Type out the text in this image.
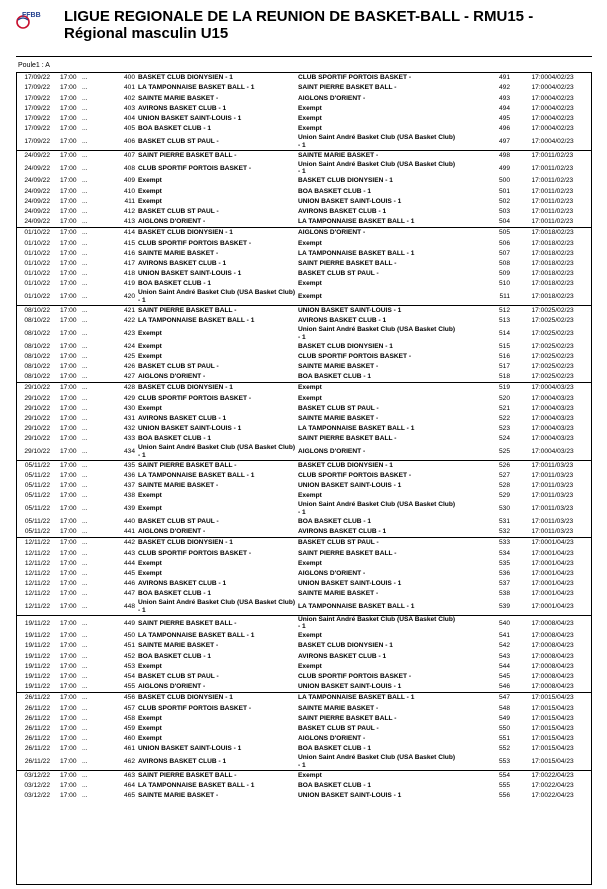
FFBB LIGUE REGIONALE DE LA REUNION DE BASKET-BALL - RMU15 - Régional masculin U15
Poule1 : A
17/09/22	17:00	...	400	BASKET CLUB DIONYSIEN - 1	CLUB SPORTIF PORTOIS BASKET -	491	17:00	04/02/23
17/09/22	17:00	...	401	LA TAMPONNAISE BASKET BALL - 1	SAINT PIERRE BASKET BALL -	492	17:00	04/02/23
17/09/22	17:00	...	402	SAINTE MARIE BASKET -	AIGLONS D'ORIENT -	493	17:00	04/02/23
17/09/22	17:00	...	403	AVIRONS BASKET CLUB - 1	Exempt	494	17:00	04/02/23
17/09/22	17:00	...	404	UNION BASKET SAINT-LOUIS - 1	Exempt	495	17:00	04/02/23
17/09/22	17:00	...	405	BOA BASKET CLUB - 1	Exempt	496	17:00	04/02/23
17/09/22	17:00	...	406	BASKET CLUB ST PAUL -	Union Saint André Basket Club (USA Basket Club) - 1	497	17:00	04/02/23
24/09/22	17:00	...	407	SAINT PIERRE BASKET BALL -	SAINTE MARIE BASKET -	498	17:00	11/02/23
24/09/22	17:00	...	408	CLUB SPORTIF PORTOIS BASKET -	Union Saint André Basket Club (USA Basket Club) - 1	499	17:00	11/02/23
24/09/22	17:00	...	409	Exempt	BASKET CLUB DIONYSIEN - 1	500	17:00	11/02/23
24/09/22	17:00	...	410	Exempt	BOA BASKET CLUB - 1	501	17:00	11/02/23
24/09/22	17:00	...	411	Exempt	UNION BASKET SAINT-LOUIS - 1	502	17:00	11/02/23
24/09/22	17:00	...	412	BASKET CLUB ST PAUL -	AVIRONS BASKET CLUB - 1	503	17:00	11/02/23
24/09/22	17:00	...	413	AIGLONS D'ORIENT -	LA TAMPONNAISE BASKET BALL - 1	504	17:00	11/02/23
01/10/22	17:00	...	414	BASKET CLUB DIONYSIEN - 1	AIGLONS D'ORIENT -	505	17:00	18/02/23
01/10/22	17:00	...	415	CLUB SPORTIF PORTOIS BASKET -	Exempt	506	17:00	18/02/23
01/10/22	17:00	...	416	SAINTE MARIE BASKET -	LA TAMPONNAISE BASKET BALL - 1	507	17:00	18/02/23
01/10/22	17:00	...	417	AVIRONS BASKET CLUB - 1	SAINT PIERRE BASKET BALL -	508	17:00	18/02/23
01/10/22	17:00	...	418	UNION BASKET SAINT-LOUIS - 1	BASKET CLUB ST PAUL -	509	17:00	18/02/23
01/10/22	17:00	...	419	BOA BASKET CLUB - 1	Exempt	510	17:00	18/02/23
01/10/22	17:00	...	420	Union Saint André Basket Club (USA Basket Club) - 1	Exempt	511	17:00	18/02/23
08/10/22	17:00	...	421	SAINT PIERRE BASKET BALL -	UNION BASKET SAINT-LOUIS - 1	512	17:00	25/02/23
08/10/22	17:00	...	422	LA TAMPONNAISE BASKET BALL - 1	AVIRONS BASKET CLUB - 1	513	17:00	25/02/23
08/10/22	17:00	...	423	Exempt	Union Saint André Basket Club (USA Basket Club) - 1	514	17:00	25/02/23
08/10/22	17:00	...	424	Exempt	BASKET CLUB DIONYSIEN - 1	515	17:00	25/02/23
08/10/22	17:00	...	425	Exempt	CLUB SPORTIF PORTOIS BASKET -	516	17:00	25/02/23
08/10/22	17:00	...	426	BASKET CLUB ST PAUL -	SAINTE MARIE BASKET -	517	17:00	25/02/23
08/10/22	17:00	...	427	AIGLONS D'ORIENT -	BOA BASKET CLUB - 1	518	17:00	25/02/23
29/10/22	17:00	...	428	BASKET CLUB DIONYSIEN - 1	Exempt	519	17:00	04/03/23
29/10/22	17:00	...	429	CLUB SPORTIF PORTOIS BASKET -	Exempt	520	17:00	04/03/23
29/10/22	17:00	...	430	Exempt	BASKET CLUB ST PAUL -	521	17:00	04/03/23
29/10/22	17:00	...	431	AVIRONS BASKET CLUB - 1	SAINTE MARIE BASKET -	522	17:00	04/03/23
29/10/22	17:00	...	432	UNION BASKET SAINT-LOUIS - 1	LA TAMPONNAISE BASKET BALL - 1	523	17:00	04/03/23
29/10/22	17:00	...	433	BOA BASKET CLUB - 1	SAINT PIERRE BASKET BALL -	524	17:00	04/03/23
29/10/22	17:00	...	434	Union Saint André Basket Club (USA Basket Club) - 1	AIGLONS D'ORIENT -	525	17:00	04/03/23
05/11/22	17:00	...	435	SAINT PIERRE BASKET BALL -	BASKET CLUB DIONYSIEN - 1	526	17:00	11/03/23
05/11/22	17:00	...	436	LA TAMPONNAISE BASKET BALL - 1	CLUB SPORTIF PORTOIS BASKET -	527	17:00	11/03/23
05/11/22	17:00	...	437	SAINTE MARIE BASKET -	UNION BASKET SAINT-LOUIS - 1	528	17:00	11/03/23
05/11/22	17:00	...	438	Exempt	Exempt	529	17:00	11/03/23
05/11/22	17:00	...	439	Exempt	Union Saint André Basket Club (USA Basket Club) - 1	530	17:00	11/03/23
05/11/22	17:00	...	440	BASKET CLUB ST PAUL -	BOA BASKET CLUB - 1	531	17:00	11/03/23
05/11/22	17:00	...	441	AIGLONS D'ORIENT -	AVIRONS BASKET CLUB - 1	532	17:00	11/03/23
12/11/22	17:00	...	442	BASKET CLUB DIONYSIEN - 1	BASKET CLUB ST PAUL -	533	17:00	01/04/23
12/11/22	17:00	...	443	CLUB SPORTIF PORTOIS BASKET -	SAINT PIERRE BASKET BALL -	534	17:00	01/04/23
12/11/22	17:00	...	444	Exempt	Exempt	535	17:00	01/04/23
12/11/22	17:00	...	445	Exempt	AIGLONS D'ORIENT -	536	17:00	01/04/23
12/11/22	17:00	...	446	AVIRONS BASKET CLUB - 1	UNION BASKET SAINT-LOUIS - 1	537	17:00	01/04/23
12/11/22	17:00	...	447	BOA BASKET CLUB - 1	SAINTE MARIE BASKET -	538	17:00	01/04/23
12/11/22	17:00	...	448	Union Saint André Basket Club (USA Basket Club) - 1	LA TAMPONNAISE BASKET BALL - 1	539	17:00	01/04/23
19/11/22	17:00	...	449	SAINT PIERRE BASKET BALL -	Union Saint André Basket Club (USA Basket Club) - 1	540	17:00	08/04/23
19/11/22	17:00	...	450	LA TAMPONNAISE BASKET BALL - 1	Exempt	541	17:00	08/04/23
19/11/22	17:00	...	451	SAINTE MARIE BASKET -	BASKET CLUB DIONYSIEN - 1	542	17:00	08/04/23
19/11/22	17:00	...	452	BOA BASKET CLUB - 1	AVIRONS BASKET CLUB - 1	543	17:00	08/04/23
19/11/22	17:00	...	453	Exempt	Exempt	544	17:00	08/04/23
19/11/22	17:00	...	454	BASKET CLUB ST PAUL -	CLUB SPORTIF PORTOIS BASKET -	545	17:00	08/04/23
19/11/22	17:00	...	455	AIGLONS D'ORIENT -	UNION BASKET SAINT-LOUIS - 1	546	17:00	08/04/23
26/11/22	17:00	...	456	BASKET CLUB DIONYSIEN - 1	LA TAMPONNAISE BASKET BALL - 1	547	17:00	15/04/23
26/11/22	17:00	...	457	CLUB SPORTIF PORTOIS BASKET -	SAINTE MARIE BASKET -	548	17:00	15/04/23
26/11/22	17:00	...	458	Exempt	SAINT PIERRE BASKET BALL -	549	17:00	15/04/23
26/11/22	17:00	...	459	Exempt	BASKET CLUB ST PAUL -	550	17:00	15/04/23
26/11/22	17:00	...	460	Exempt	AIGLONS D'ORIENT -	551	17:00	15/04/23
26/11/22	17:00	...	461	UNION BASKET SAINT-LOUIS - 1	BOA BASKET CLUB - 1	552	17:00	15/04/23
26/11/22	17:00	...	462	AVIRONS BASKET CLUB - 1	Union Saint André Basket Club (USA Basket Club) - 1	553	17:00	15/04/23
03/12/22	17:00	...	463	SAINT PIERRE BASKET BALL -	Exempt	554	17:00	22/04/23
03/12/22	17:00	...	464	LA TAMPONNAISE BASKET BALL - 1	BOA BASKET CLUB - 1	555	17:00	22/04/23
03/12/22	17:00	...	465	SAINTE MARIE BASKET -	UNION BASKET SAINT-LOUIS - 1	556	17:00	22/04/23
